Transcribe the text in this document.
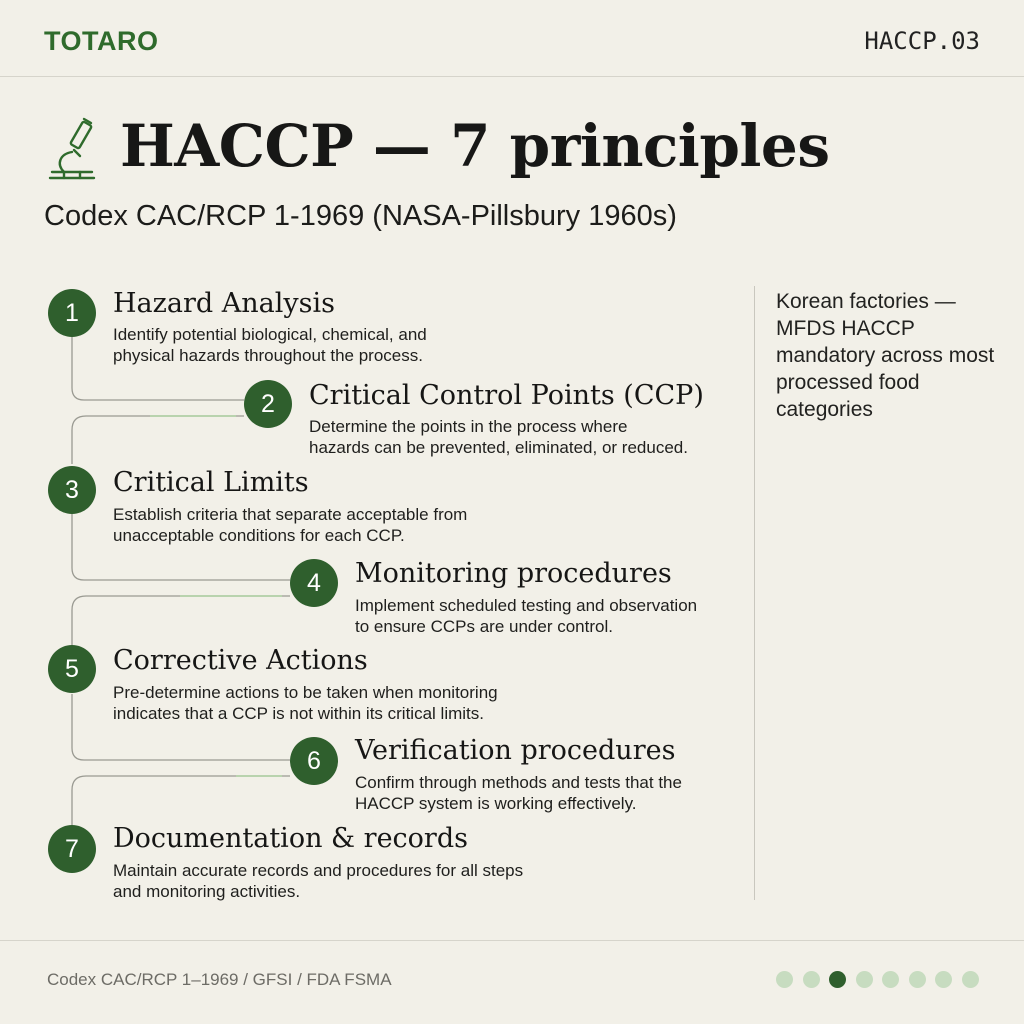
TOTARO	HACCP.03
HACCP — 7 principles
Codex CAC/RCP 1-1969 (NASA-Pillsbury 1960s)
1	Hazard Analysis
Identify potential biological, chemical, and
physical hazards throughout the process.
2	Critical Control Points (CCP)
Determine the points in the process where
hazards can be prevented, eliminated, or reduced.
3	Critical Limits
Establish criteria that separate acceptable from
unacceptable conditions for each CCP.
4	Monitoring procedures
Implement scheduled testing and observation
to ensure CCPs are under control.
5	Corrective Actions
Pre-determine actions to be taken when monitoring
indicates that a CCP is not within its critical limits.
6	Verification procedures
Confirm through methods and tests that the
HACCP system is working effectively.
7	Documentation & records
Maintain accurate records and procedures for all steps
and monitoring activities.
Korean factories — MFDS HACCP mandatory across most processed food categories
Codex CAC/RCP 1–1969 / GFSI / FDA FSMA
